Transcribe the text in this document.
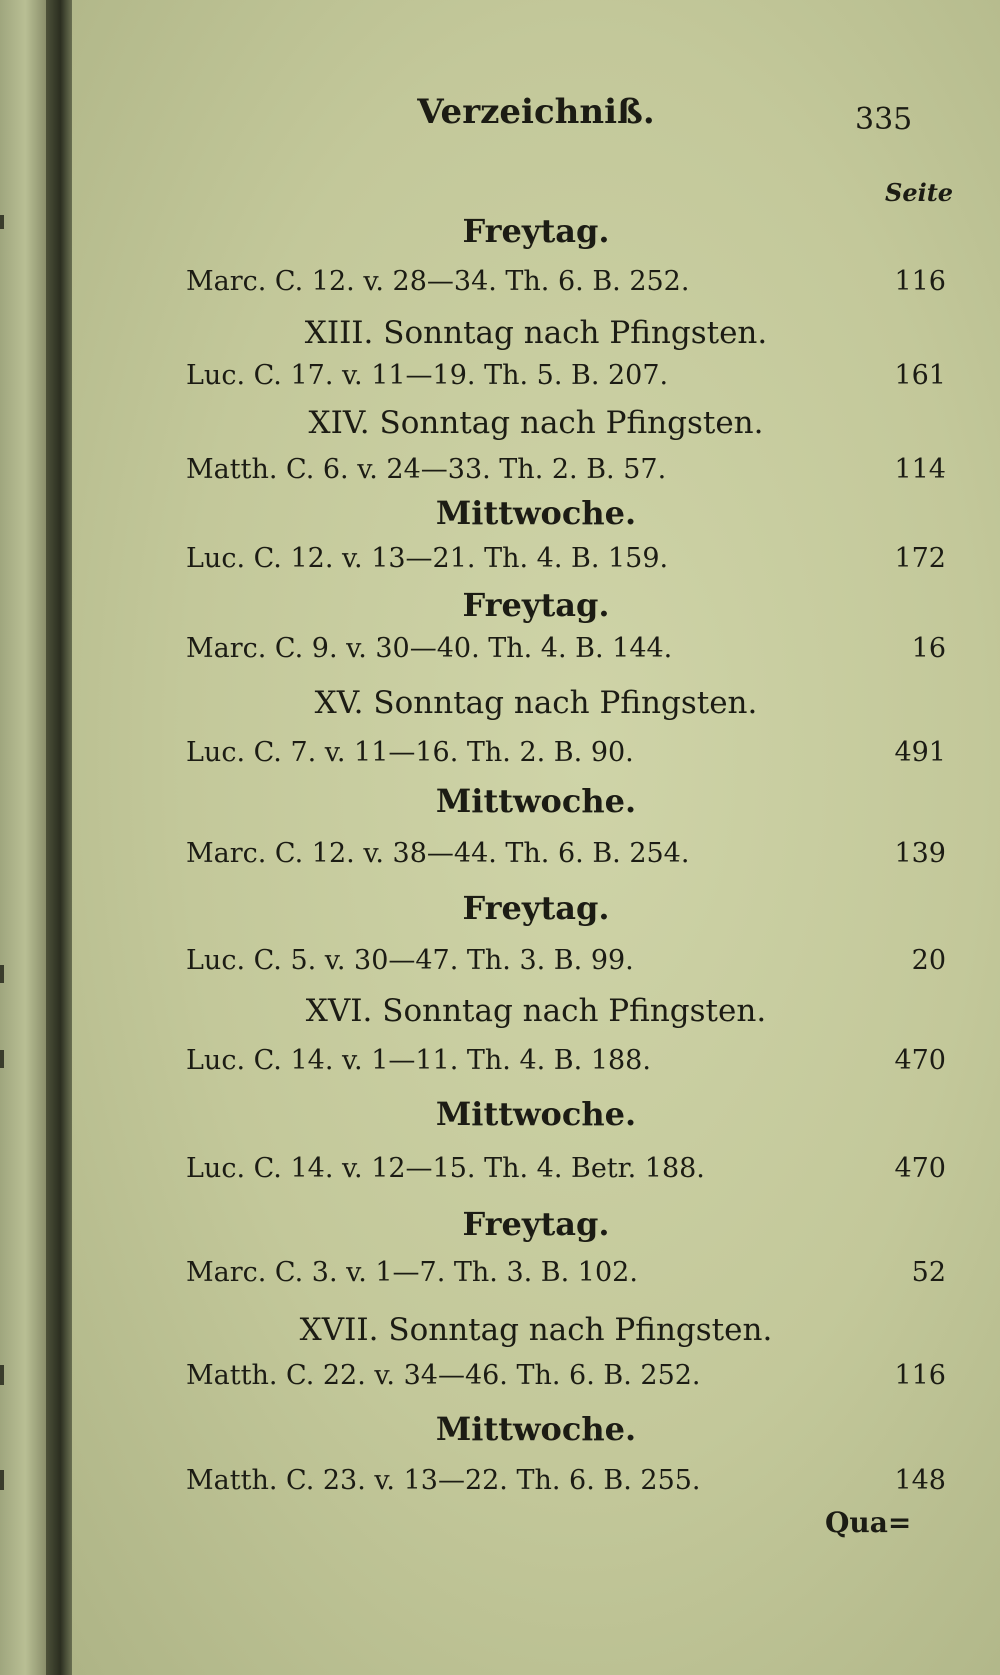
Verzeichniß.	335
Seite
Freytag.
Marc. C. 12. v. 28—34. Th. 6. B. 252.	116
XIII. Sonntag nach Pfingsten.
Luc. C. 17. v. 11—19. Th. 5. B. 207.	161
XIV. Sonntag nach Pfingsten.
Matth. C. 6. v. 24—33. Th. 2. B. 57.	114
Mittwoche.
Luc. C. 12. v. 13—21. Th. 4. B. 159.	172
Freytag.
Marc. C. 9. v. 30—40. Th. 4. B. 144.	16
XV. Sonntag nach Pfingsten.
Luc. C. 7. v. 11—16. Th. 2. B. 90.	491
Mittwoche.
Marc. C. 12. v. 38—44. Th. 6. B. 254.	139
Freytag.
Luc. C. 5. v. 30—47. Th. 3. B. 99.	20
XVI. Sonntag nach Pfingsten.
Luc. C. 14. v. 1—11. Th. 4. B. 188.	470
Mittwoche.
Luc. C. 14. v. 12—15. Th. 4. Betr. 188.	470
Freytag.
Marc. C. 3. v. 1—7. Th. 3. B. 102.	52
XVII. Sonntag nach Pfingsten.
Matth. C. 22. v. 34—46. Th. 6. B. 252.	116
Mittwoche.
Matth. C. 23. v. 13—22. Th. 6. B. 255.	148
Qua=
